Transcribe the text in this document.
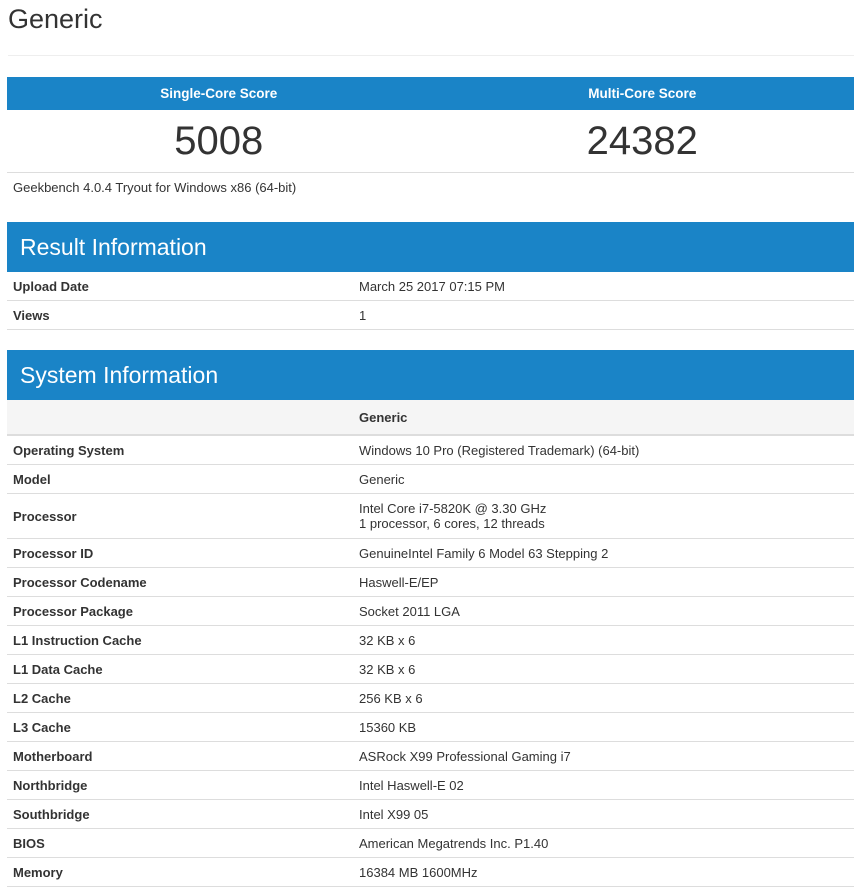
Generic
Single-Core Score	Multi-Core Score
5008	24382
Geekbench 4.0.4 Tryout for Windows x86 (64-bit)
Result Information
Upload Date	March 25 2017 07:15 PM
Views	1
System Information
	Generic
Operating System	Windows 10 Pro (Registered Trademark) (64-bit)
Model	Generic
Processor	Intel Core i7-5820K @ 3.30 GHz
1 processor, 6 cores, 12 threads

Processor ID	GenuineIntel Family 6 Model 63 Stepping 2
Processor Codename	Haswell-E/EP
Processor Package	Socket 2011 LGA
L1 Instruction Cache	32 KB x 6
L1 Data Cache	32 KB x 6
L2 Cache	256 KB x 6
L3 Cache	15360 KB
Motherboard	ASRock X99 Professional Gaming i7
Northbridge	Intel Haswell-E 02
Southbridge	Intel X99 05
BIOS	American Megatrends Inc. P1.40
Memory	16384 MB 1600MHz
